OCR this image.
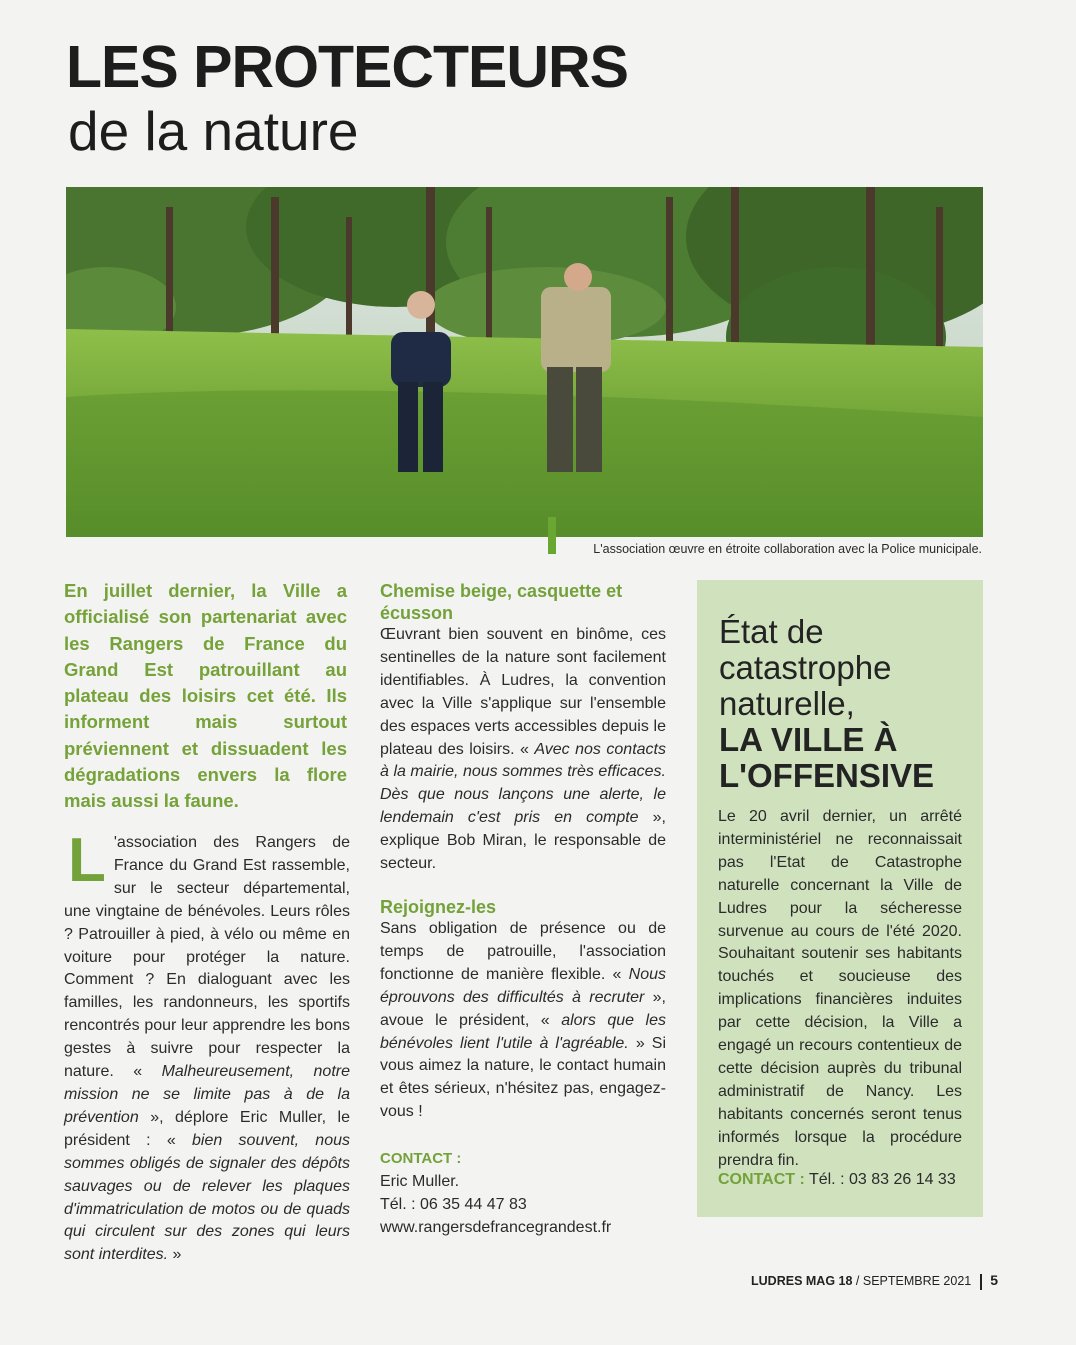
LES PROTECTEURS
de la nature
L'association œuvre en étroite collaboration avec la Police municipale.
En juillet dernier, la Ville a officialisé son partenariat avec les Rangers de France du Grand Est patrouillant au plateau des loisirs cet été. Ils informent mais surtout préviennent et dissuadent les dégradations envers la flore mais aussi la faune.
L 'association des Rangers de France du Grand Est rassemble, sur le secteur départemental, une vingtaine de bénévoles. Leurs rôles ? Patrouiller à pied, à vélo ou même en voiture pour protéger la nature. Comment ? En dialoguant avec les familles, les randonneurs, les sportifs rencontrés pour leur apprendre les bons gestes à suivre pour respecter la nature. « Malheureusement, notre mission ne se limite pas à de la prévention », déplore Eric Muller, le président : « bien souvent, nous sommes obligés de signaler des dépôts sauvages ou de relever les plaques d'immatriculation de motos ou de quads qui circulent sur des zones qui leurs sont interdites. »

Chemise beige, casquette et écusson

Œuvrant bien souvent en binôme, ces sentinelles de la nature sont facilement identifiables. À Ludres, la convention avec la Ville s'applique sur l'ensemble des espaces verts accessibles depuis le plateau des loisirs. « Avec nos contacts à la mairie, nous sommes très efficaces. Dès que nous lançons une alerte, le lendemain c'est pris en compte », explique Bob Miran, le responsable de secteur.

Rejoignez-les

Sans obligation de présence ou de temps de patrouille, l'association fonctionne de manière flexible. « Nous éprouvons des difficultés à recruter », avoue le président, « alors que les bénévoles lient l'utile à l'agréable. » Si vous aimez la nature, le contact humain et êtes sérieux, n'hésitez pas, engagez-vous !

CONTACT :

Eric Muller.

Tél. : 06 35 44 47 83

www.rangersdefrancegrandest.fr

État de catastrophe naturelle,
LA VILLE À L'OFFENSIVE
Le 20 avril dernier, un arrêté interministériel ne reconnaissait pas l'Etat de Catastrophe naturelle concernant la Ville de Ludres pour la sécheresse survenue au cours de l'été 2020. Souhaitant soutenir ses habitants touchés et soucieuse des implications financières induites par cette décision, la Ville a engagé un recours contentieux de cette décision auprès du tribunal administratif de Nancy. Les habitants concernés seront tenus informés lorsque la procédure prendra fin.
CONTACT : Tél. : 03 83 26 14 33
LUDRES MAG 18 / SEPTEMBRE 2021 5
